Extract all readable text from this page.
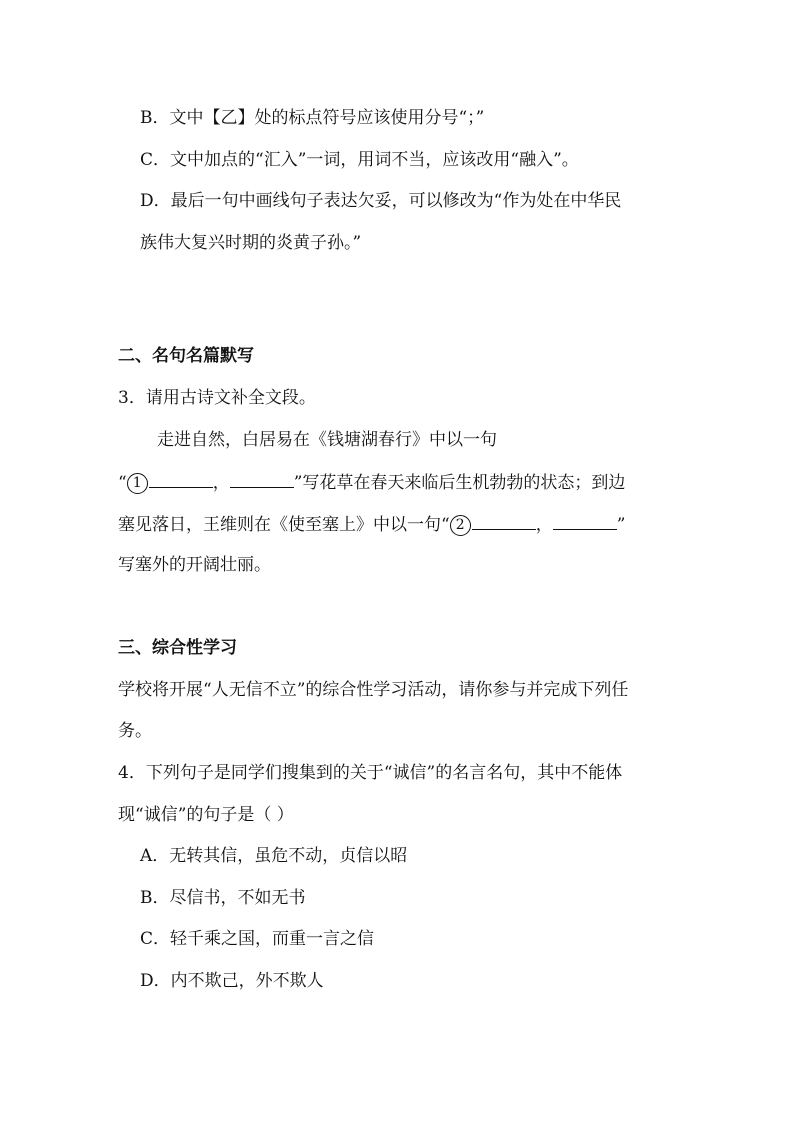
B．文中【乙】处的标点符号应该使用分号“；”
C．文中加点的“汇入”一词，用词不当，应该改用“融入”。
D．最后一句中画线句子表达欠妥，可以修改为“作为处在中华民
族伟大复兴时期的炎黄子孙。”
二、名句名篇默写
3．请用古诗文补全文段。
走进自然，白居易在《钱塘湖春行》中以一句
“ 1	，	”写花草在春天来临后生机勃勃的状态；到边
塞见落日，王维则在《使至塞上》中以一句“ 2	，	”
写塞外的开阔壮丽。
三、综合性学习
学校将开展“人无信不立”的综合性学习活动，请你参与并完成下列任
务。
4．下列句子是同学们搜集到的关于“诚信”的名言名句，其中不能体
现“诚信”的句子是（ ）
A．无转其信，虽危不动，贞信以昭
B．尽信书，不如无书
C．轻千乘之国，而重一言之信
D．内不欺己，外不欺人
